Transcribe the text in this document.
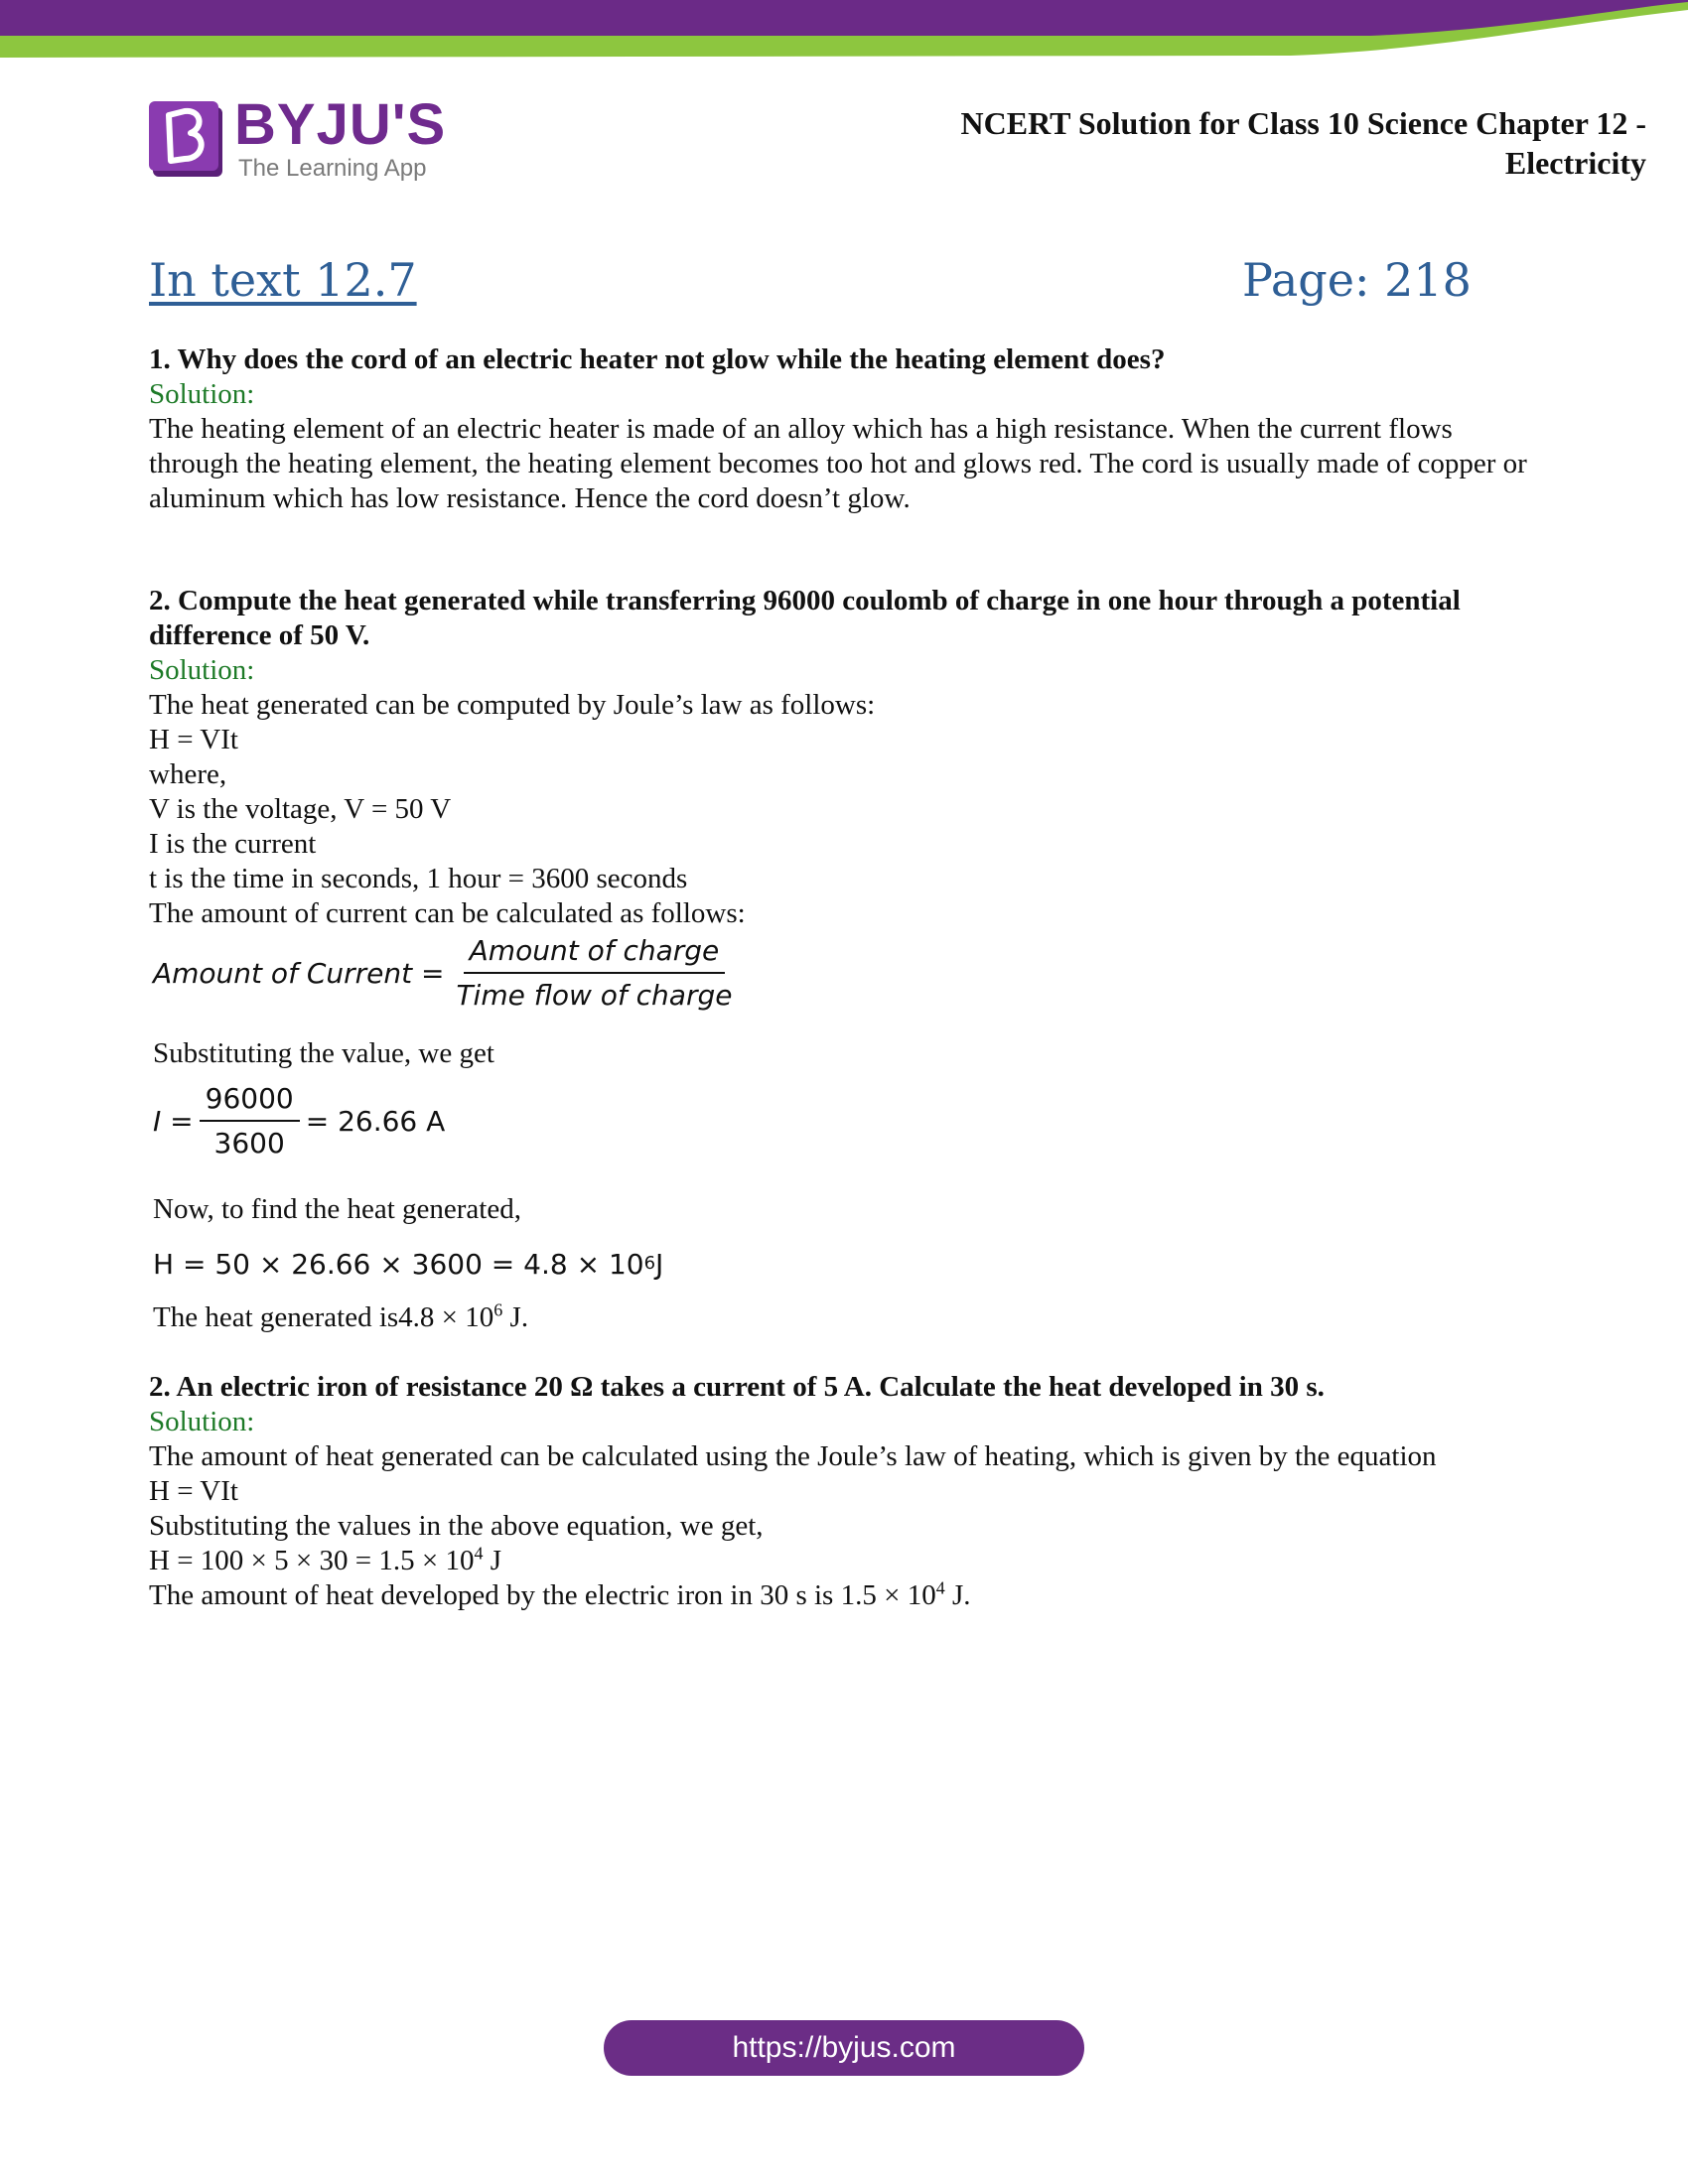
BYJU'S
The Learning App
NCERT Solution for Class 10 Science Chapter 12 -
Electricity
In text 12.7	Page: 218

1. Why does the cord of an electric heater not glow while the heating element does?

Solution:

The heating element of an electric heater is made of an alloy which has a high resistance. When the current flows through the heating element, the heating element becomes too hot and glows red. The cord is usually made of copper or aluminum which has low resistance. Hence the cord doesn’t glow.

2. Compute the heat generated while transferring 96000 coulomb of charge in one hour through a potential difference of 50 V.

Solution:

The heat generated can be computed by Joule’s law as follows:

H = VIt

where,

V is the voltage, V = 50 V

I is the current

t is the time in seconds, 1 hour = 3600 seconds

The amount of current can be calculated as follows:

Amount of Current = $\frac{\text{Amount of charge}}{\text{Time flow of charge}}$

Substituting the value, we get

$I = \frac{96000}{3600} = 26.66$ A

Now, to find the heat generated,

H = 50 × 26.66 × 3600 = 4.8 × 10 6 J

The heat generated $is4.8 \times 10^6$ J.

2. An electric iron of resistance 20 Ω takes a current of 5 A. Calculate the heat developed in 30 s.

Solution:

The amount of heat generated can be calculated using the Joule’s law of heating, which is given by the equation

H = VIt

Substituting the values in the above equation, we get,

$H = 100 \times 5 \times 30 = 1.5 \times 10^4$ J

The amount of heat developed by the electric iron in 30 s is $1.5 \times 10^4$ J.

https://byjus.com
